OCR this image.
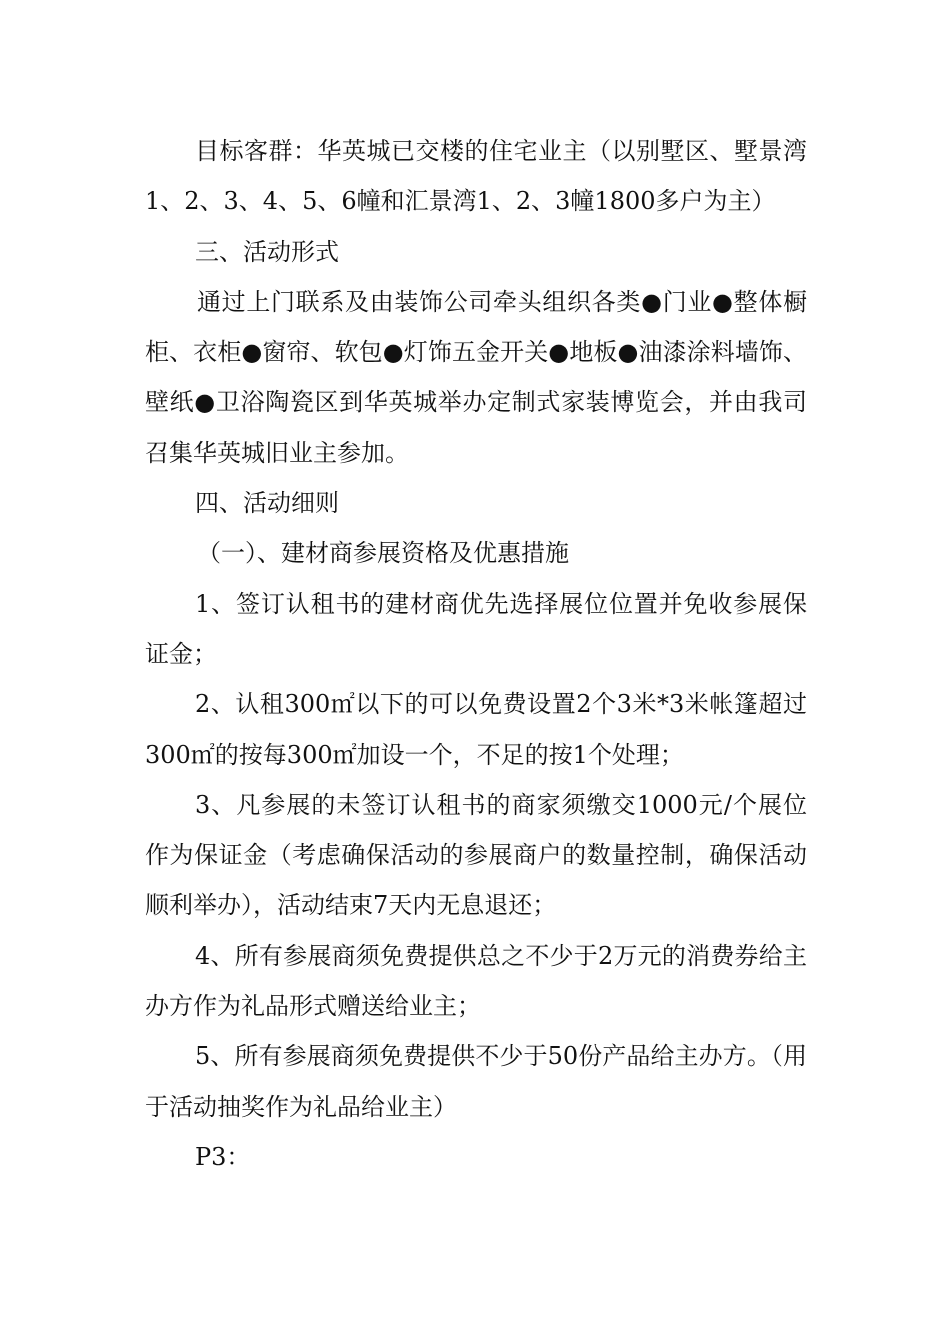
目标客群：华英城已交楼的住宅业主（以别墅区、墅景湾1、2、3、4、5、6幢和汇景湾1、2、3幢1800多户为主）

三、活动形式

通过上门联系及由装饰公司牵头组织各类●门业●整体橱柜、衣柜●窗帘、软包●灯饰五金开关●地板●油漆涂料墙饰、壁纸●卫浴陶瓷区到华英城举办定制式家装博览会，并由我司召集华英城旧业主参加。

四、活动细则

（一）、建材商参展资格及优惠措施

1、签订认租书的建材商优先选择展位位置并免收参展保证金；

2、认租300㎡以下的可以免费设置2个3米*3米帐篷超过300㎡的按每300㎡加设一个，不足的按1个处理；

3、凡参展的未签订认租书的商家须缴交1000元/个展位作为保证金（考虑确保活动的参展商户的数量控制，确保活动顺利举办），活动结束7天内无息退还；

4、所有参展商须免费提供总之不少于2万元的消费券给主办方作为礼品形式赠送给业主；

5、所有参展商须免费提供不少于50份产品给主办方。（用于活动抽奖作为礼品给业主）

P3：
